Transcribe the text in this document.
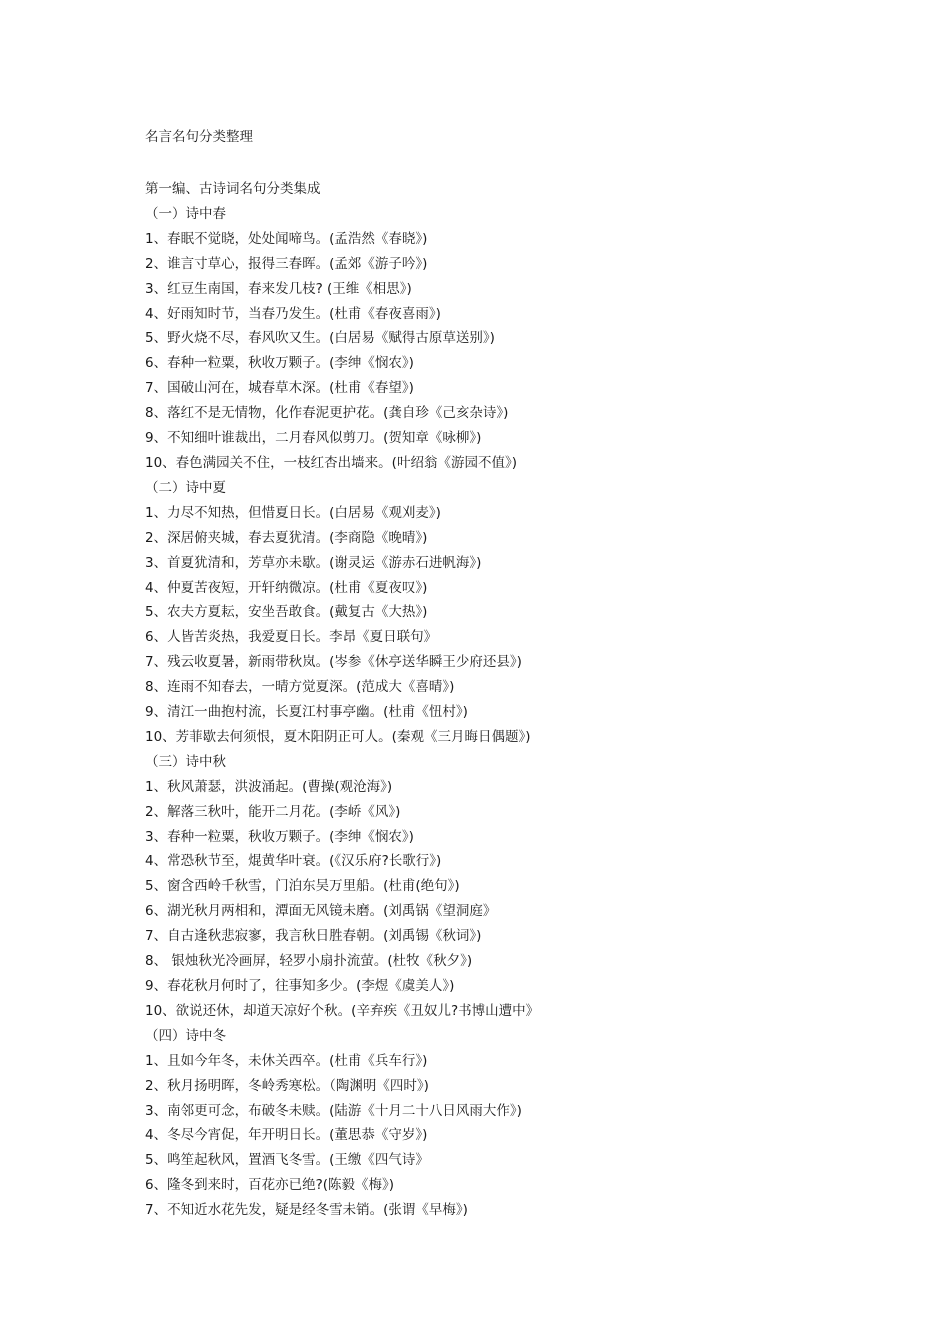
名言名句分类整理
第一编、古诗词名句分类集成
（一）诗中春
1、春眠不觉晓，处处闻啼鸟。(孟浩然《春晓》)
2、谁言寸草心，报得三春晖。(孟郊《游子吟》)
3、红豆生南国，春来发几枝? (王维《相思》)
4、好雨知时节，当春乃发生。(杜甫《春夜喜雨》)
5、野火烧不尽，春风吹又生。(白居易《赋得古原草送别》)
6、春种一粒粟，秋收万颗子。(李绅《悯农》)
7、国破山河在，城春草木深。(杜甫《春望》)
8、落红不是无情物，化作春泥更护花。(龚自珍《己亥杂诗》)
9、不知细叶谁裁出，二月春风似剪刀。(贺知章《咏柳》)
10、春色满园关不住，一枝红杏出墙来。(叶绍翁《游园不值》)
（二）诗中夏
1、力尽不知热，但惜夏日长。(白居易《观刈麦》)
2、深居俯夹城，春去夏犹清。(李商隐《晚晴》)
3、首夏犹清和，芳草亦未歇。(谢灵运《游赤石进帆海》)
4、仲夏苦夜短，开轩纳微凉。(杜甫《夏夜叹》)
5、农夫方夏耘，安坐吾敢食。(戴复古《大热》)
6、人皆苦炎热，我爱夏日长。李昂《夏日联句》
7、残云收夏暑，新雨带秋岚。(岑参《休亭送华瞬王少府还县》)
8、连雨不知春去，一晴方觉夏深。(范成大《喜晴》)
9、清江一曲抱村流，长夏江村事亭幽。(杜甫《忸村》)
10、芳菲歇去何须恨，夏木阳阴正可人。(秦观《三月晦日偶题》)
（三）诗中秋
1、秋风萧瑟，洪波涌起。(曹操(观沧海》)
2、解落三秋叶，能开二月花。(李峤《风》)
3、春种一粒粟，秋收万颗子。(李绅《悯农》)
4、常恐秋节至，焜黄华叶衰。(《汉乐府?长歌行》)
5、窗含西岭千秋雪，门泊东吴万里船。(杜甫(绝句》)
6、湖光秋月两相和，潭面无风镜未磨。(刘禹锅《望洞庭》
7、自古逢秋悲寂寥，我言秋日胜春朝。(刘禹锡《秋词》)
8、 银烛秋光冷画屏，轻罗小扇扑流萤。(杜牧《秋夕》)
9、春花秋月何时了，往事知多少。(李煜《虞美人》)
10、欲说还休，却道天凉好个秋。(辛弃疾《丑奴儿?书博山遭中》
（四）诗中冬
1、且如今年冬，未休关西卒。(杜甫《兵车行》)
2、秋月扬明晖，冬岭秀寒松。（陶渊明《四时》)
3、南邻更可念，布破冬未赎。(陆游《十月二十八日风雨大作》)
4、冬尽今宵促，年开明日长。(董思恭《守岁》)
5、鸣笙起秋风，置酒飞冬雪。(王缴《四气诗》
6、隆冬到来时，百花亦已绝?(陈毅《梅》)
7、不知近水花先发，疑是经冬雪未销。(张谓《早梅》)
